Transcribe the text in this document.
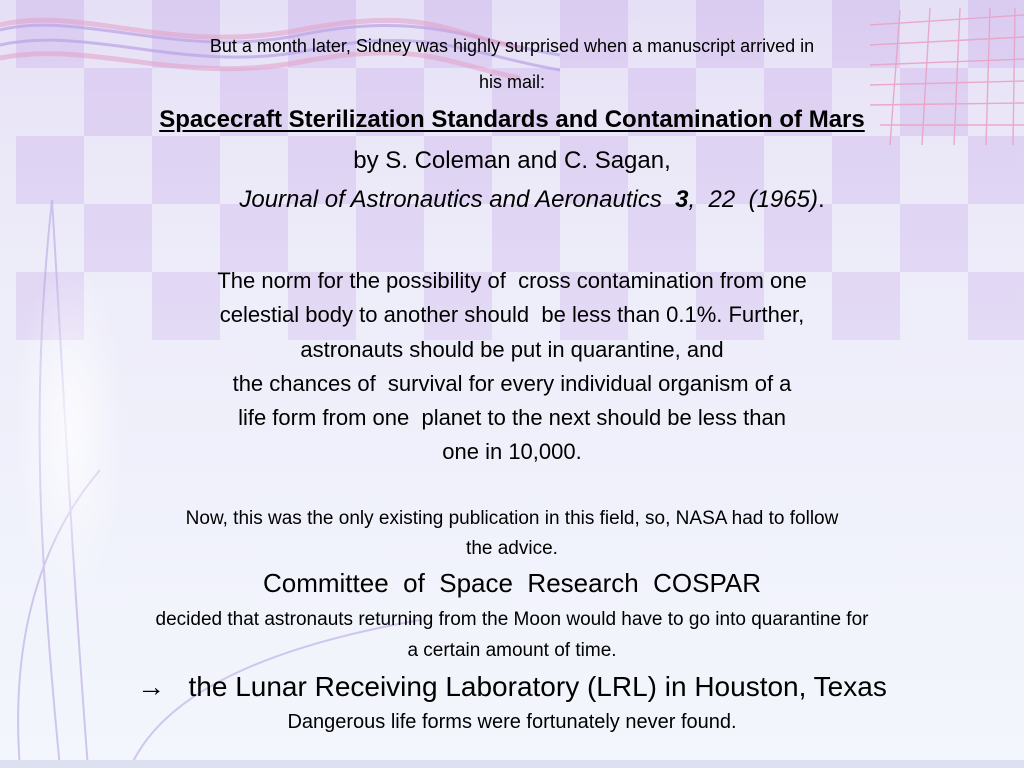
But a month later, Sidney was highly surprised when a manuscript arrived in
his mail:
Spacecraft Sterilization Standards and Contamination of Mars
by S. Coleman and C. Sagan,
Journal of Astronautics and Aeronautics 3, 22 (1965).
The norm for the possibility of  cross contamination from one
celestial body to another should  be less than 0.1%. Further,
astronauts should be put in quarantine, and
the chances of  survival for every individual organism of a
life form from one  planet to the next should be less than
one in 10,000.
Now, this was the only existing publication in this field, so, NASA had to follow
the advice.
Committee  of  Space  Research  COSPAR
decided that astronauts returning from the Moon would have to go into quarantine for
a certain amount of time.
→ the Lunar Receiving Laboratory (LRL) in Houston, Texas
Dangerous life forms were fortunately never found.
